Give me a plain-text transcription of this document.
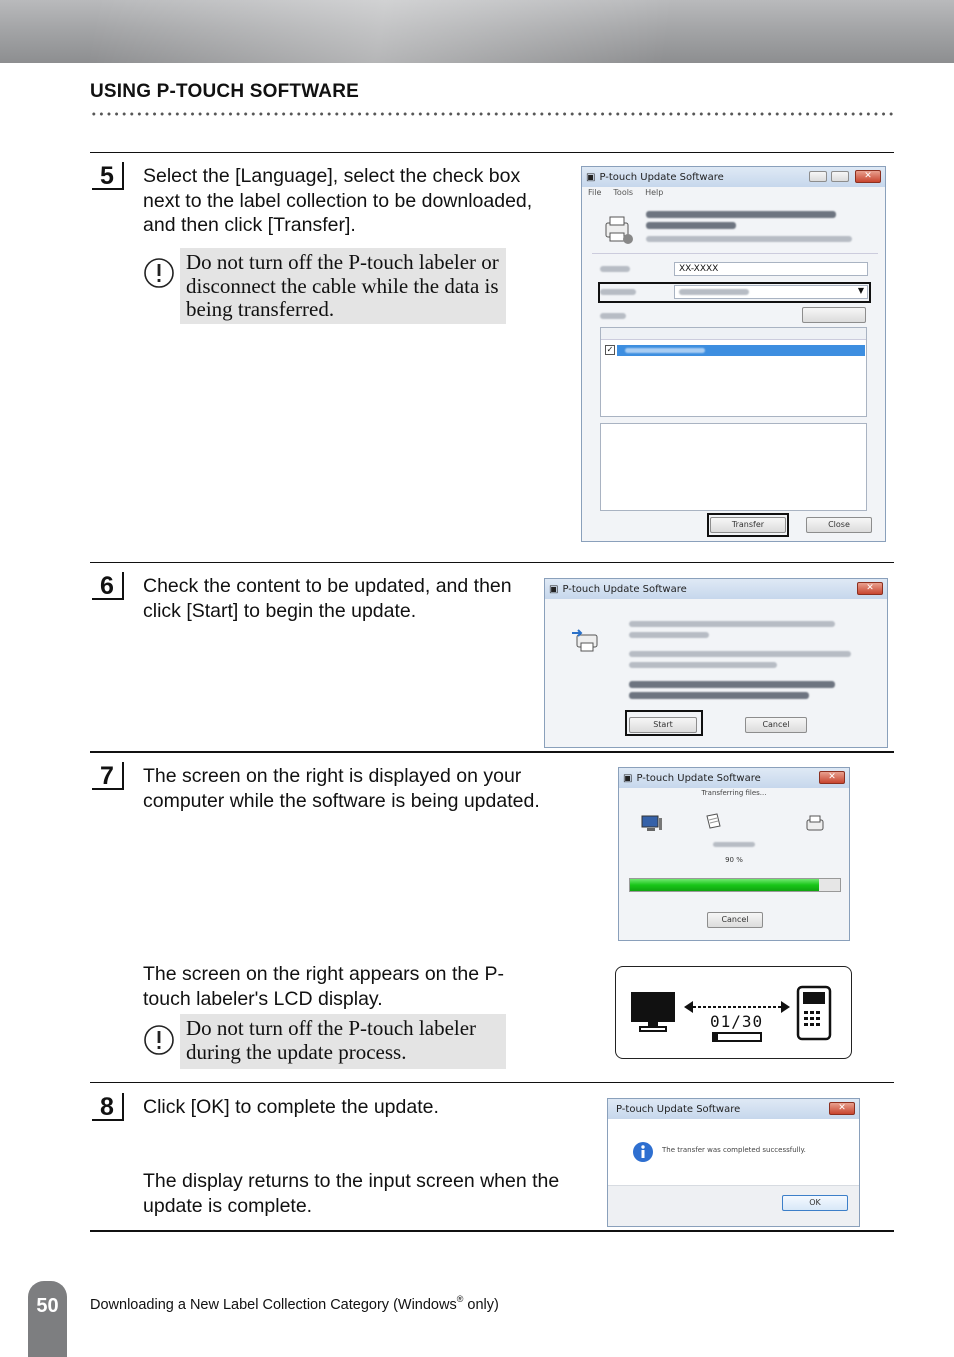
USING P-TOUCH SOFTWARE
5	Select the [Language], select the check box next to the label collection to be downloaded, and then click [Transfer].
Do not turn off the P-touch labeler or disconnect the cable while the data is being transferred.
▣ P-touch Update Software	✕
File Tools Help
XX-XXXX
▼
✓
Transfer	Close
6	Check the content to be updated, and then click [Start] to begin the update.
▣ P-touch Update Software	✕
Start	Cancel
7	The screen on the right is displayed on your computer while the software is being updated.
▣ P-touch Update Software	✕
Transferring files...
90 %
Cancel
The screen on the right appears on the P-touch labeler's LCD display.
Do not turn off the P-touch labeler during the update process.
01/30
8	Click [OK] to complete the update.
The display returns to the input screen when the update is complete.
P-touch Update Software	✕
The transfer was completed successfully.
OK
50	Downloading a New Label Collection Category (Windows® only)
